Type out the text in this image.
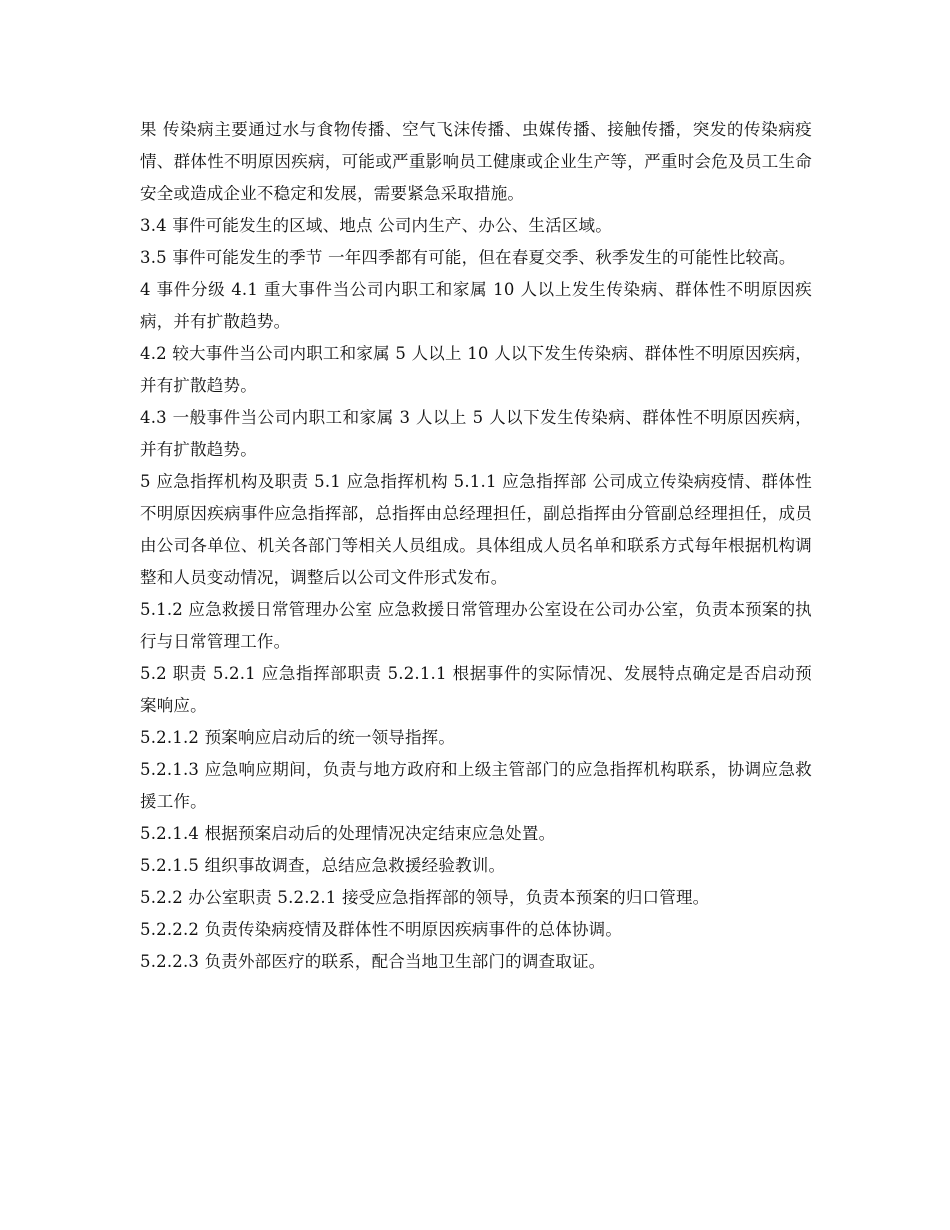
果 传染病主要通过水与食物传播、空气飞沫传播、虫媒传播、接触传播，突发的传染病疫情、群体性不明原因疾病，可能或严重影响员工健康或企业生产等，严重时会危及员工生命安全或造成企业不稳定和发展，需要紧急采取措施。

3.4 事件可能发生的区域、地点 公司内生产、办公、生活区域。

3.5 事件可能发生的季节 一年四季都有可能，但在春夏交季、秋季发生的可能性比较高。

4 事件分级 4.1 重大事件当公司内职工和家属 10 人以上发生传染病、群体性不明原因疾病，并有扩散趋势。

4.2 较大事件当公司内职工和家属 5 人以上 10 人以下发生传染病、群体性不明原因疾病，并有扩散趋势。

4.3 一般事件当公司内职工和家属 3 人以上 5 人以下发生传染病、群体性不明原因疾病，并有扩散趋势。

5 应急指挥机构及职责 5.1 应急指挥机构 5.1.1 应急指挥部 公司成立传染病疫情、群体性不明原因疾病事件应急指挥部，总指挥由总经理担任，副总指挥由分管副总经理担任，成员由公司各单位、机关各部门等相关人员组成。具体组成人员名单和联系方式每年根据机构调整和人员变动情况，调整后以公司文件形式发布。

5.1.2 应急救援日常管理办公室 应急救援日常管理办公室设在公司办公室，负责本预案的执行与日常管理工作。

5.2 职责 5.2.1 应急指挥部职责 5.2.1.1 根据事件的实际情况、发展特点确定是否启动预案响应。

5.2.1.2 预案响应启动后的统一领导指挥。

5.2.1.3 应急响应期间，负责与地方政府和上级主管部门的应急指挥机构联系，协调应急救援工作。

5.2.1.4 根据预案启动后的处理情况决定结束应急处置。

5.2.1.5 组织事故调查，总结应急救援经验教训。

5.2.2 办公室职责 5.2.2.1 接受应急指挥部的领导，负责本预案的归口管理。

5.2.2.2 负责传染病疫情及群体性不明原因疾病事件的总体协调。

5.2.2.3 负责外部医疗的联系，配合当地卫生部门的调查取证。
